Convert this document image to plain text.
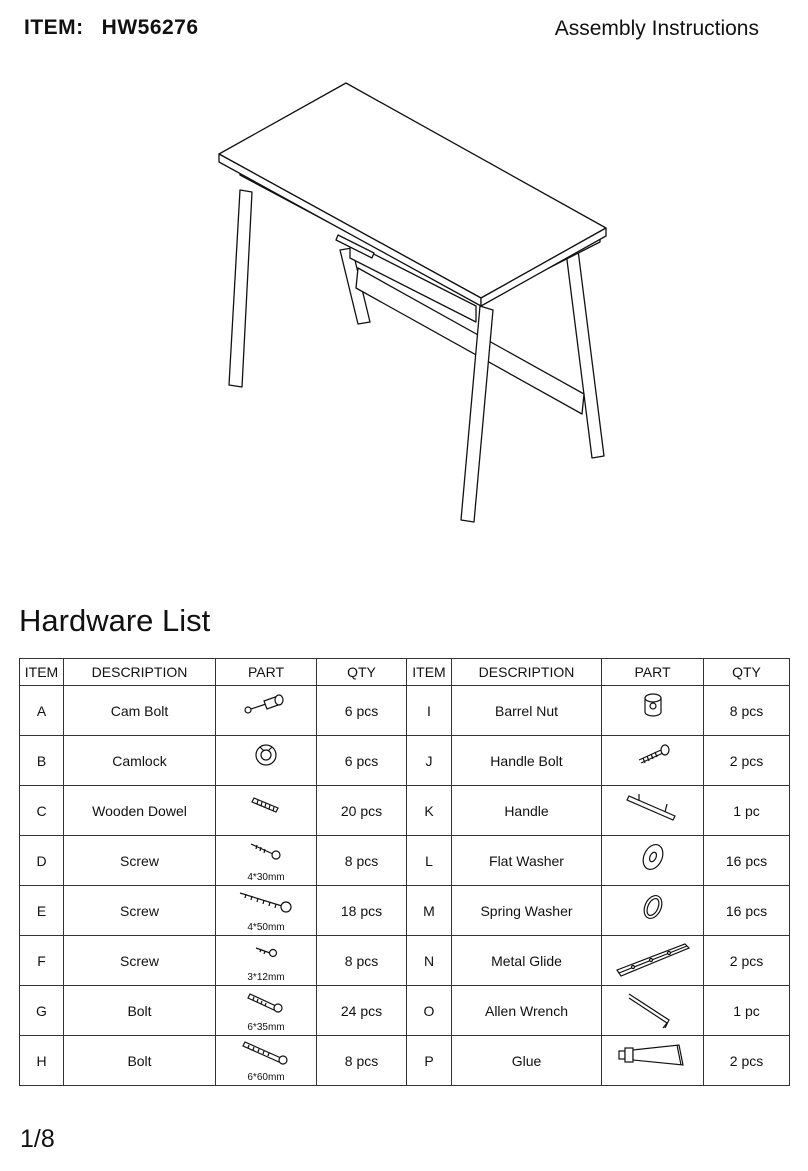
ITEM: HW56276	Assembly Instructions
Hardware List
ITEM	DESCRIPTION	PART	QTY	ITEM	DESCRIPTION	PART	QTY
A	Cam Bolt		6 pcs	I	Barrel Nut		8 pcs
B	Camlock		6 pcs	J	Handle Bolt		2 pcs
C	Wooden Dowel		20 pcs	K	Handle		1 pc
D	Screw	4*30mm	8 pcs	L	Flat Washer		16 pcs
E	Screw	4*50mm	18 pcs	M	Spring Washer		16 pcs
F	Screw	3*12mm	8 pcs	N	Metal Glide		2 pcs
G	Bolt	6*35mm	24 pcs	O	Allen Wrench		1 pc
H	Bolt	6*60mm	8 pcs	P	Glue		2 pcs
1/8
